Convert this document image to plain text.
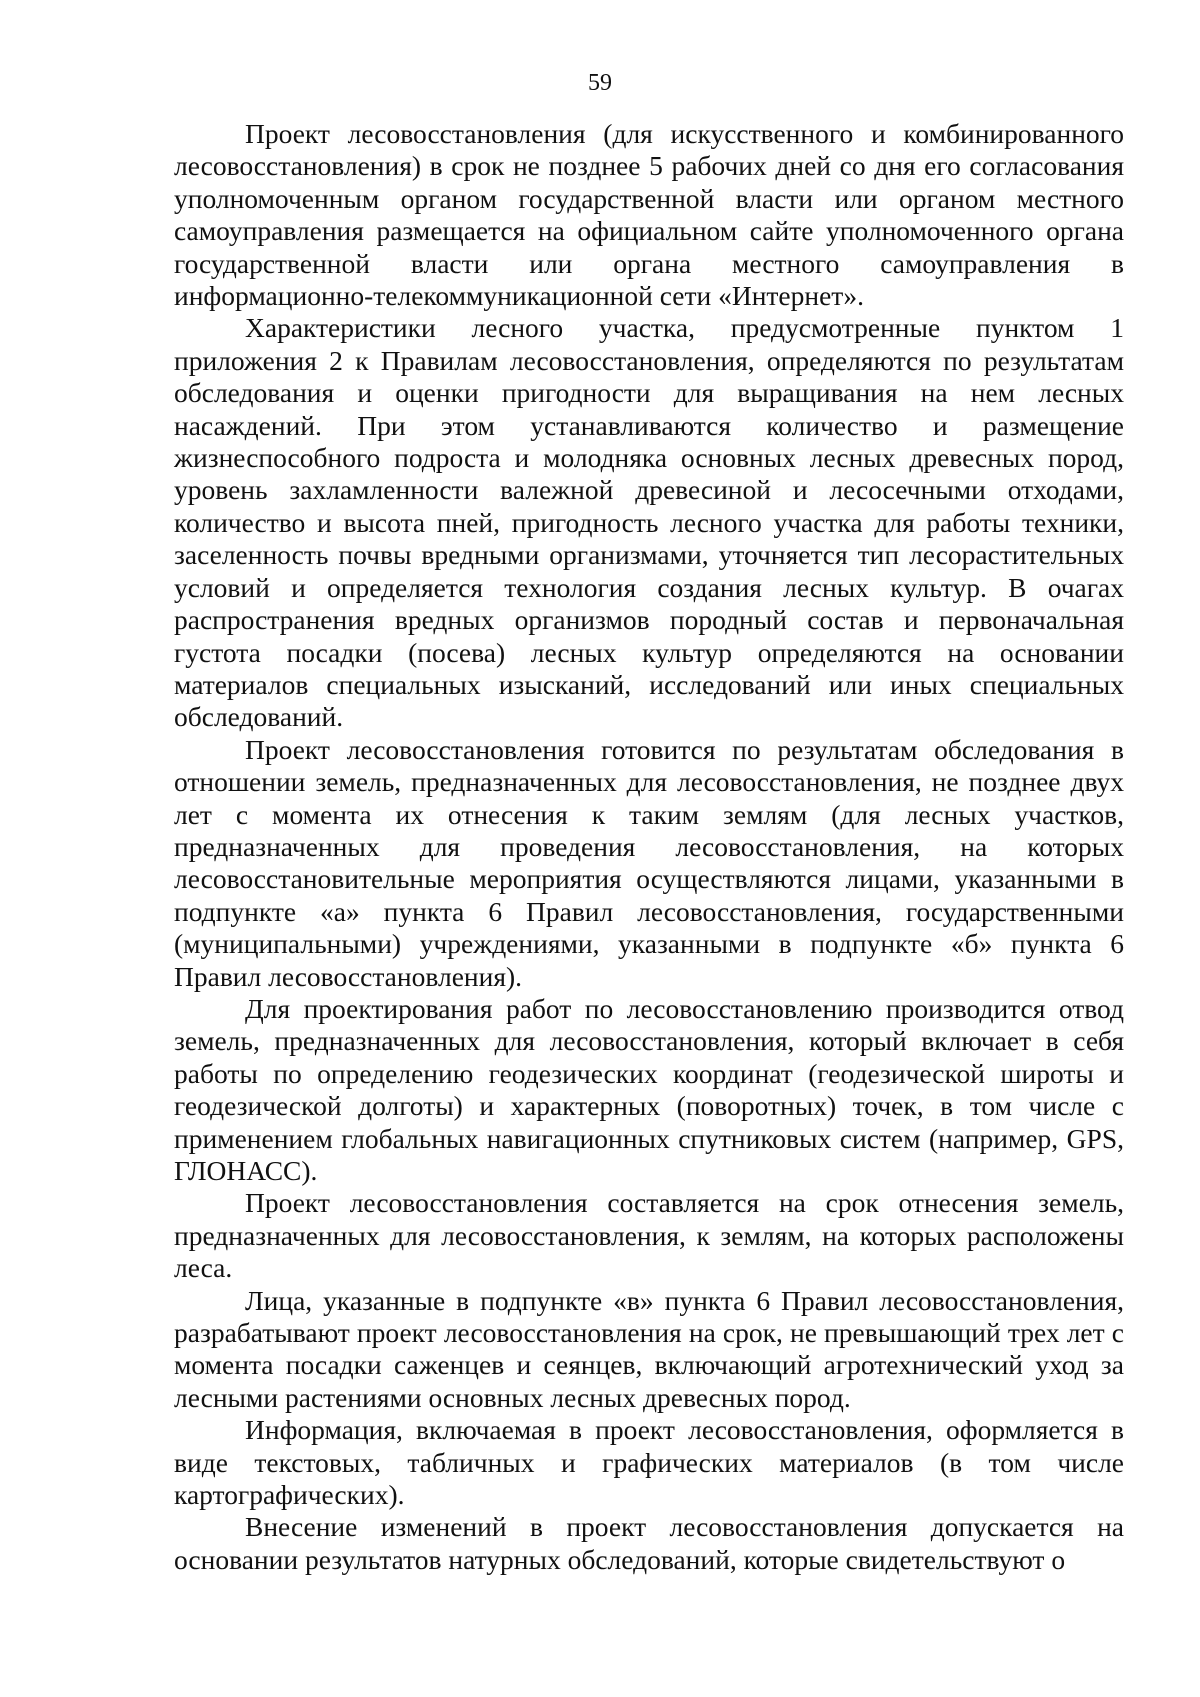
59

Проект лесовосстановления (для искусственного и комбинированного лесовосстановления) в срок не позднее 5 рабочих дней со дня его согласования уполномоченным органом государственной власти или органом местного самоуправления размещается на официальном сайте уполномоченного органа государственной власти или органа местного самоуправления в информационно-телекоммуникационной сети «Интернет».

Характеристики лесного участка, предусмотренные пунктом 1 приложения 2 к Правилам лесовосстановления, определяются по результатам обследования и оценки пригодности для выращивания на нем лесных насаждений. При этом устанавливаются количество и размещение жизнеспособного подроста и молодняка основных лесных древесных пород, уровень захламленности валежной древесиной и лесосечными отходами, количество и высота пней, пригодность лесного участка для работы техники, заселенность почвы вредными организмами, уточняется тип лесорастительных условий и определяется технология создания лесных культур. В очагах распространения вредных организмов породный состав и первоначальная густота посадки (посева) лесных культур определяются на основании материалов специальных изысканий, исследований или иных специальных обследований.

Проект лесовосстановления готовится по результатам обследования в отношении земель, предназначенных для лесовосстановления, не позднее двух лет с момента их отнесения к таким землям (для лесных участков, предназначенных для проведения лесовосстановления, на которых лесовосстановительные мероприятия осуществляются лицами, указанными в подпункте «а» пункта 6 Правил лесовосстановления, государственными (муниципальными) учреждениями, указанными в подпункте «б» пункта 6 Правил лесовосстановления).

Для проектирования работ по лесовосстановлению производится отвод земель, предназначенных для лесовосстановления, который включает в себя работы по определению геодезических координат (геодезической широты и геодезической долготы) и характерных (поворотных) точек, в том числе с применением глобальных навигационных спутниковых систем (например, GPS, ГЛОНАСС).

Проект лесовосстановления составляется на срок отнесения земель, предназначенных для лесовосстановления, к землям, на которых расположены леса.

Лица, указанные в подпункте «в» пункта 6 Правил лесовосстановления, разрабатывают проект лесовосстановления на срок, не превышающий трех лет с момента посадки саженцев и сеянцев, включающий агротехнический уход за лесными растениями основных лесных древесных пород.

Информация, включаемая в проект лесовосстановления, оформляется в виде текстовых, табличных и графических материалов (в том числе картографических).

Внесение изменений в проект лесовосстановления допускается на основании результатов натурных обследований, которые свидетельствуют о
